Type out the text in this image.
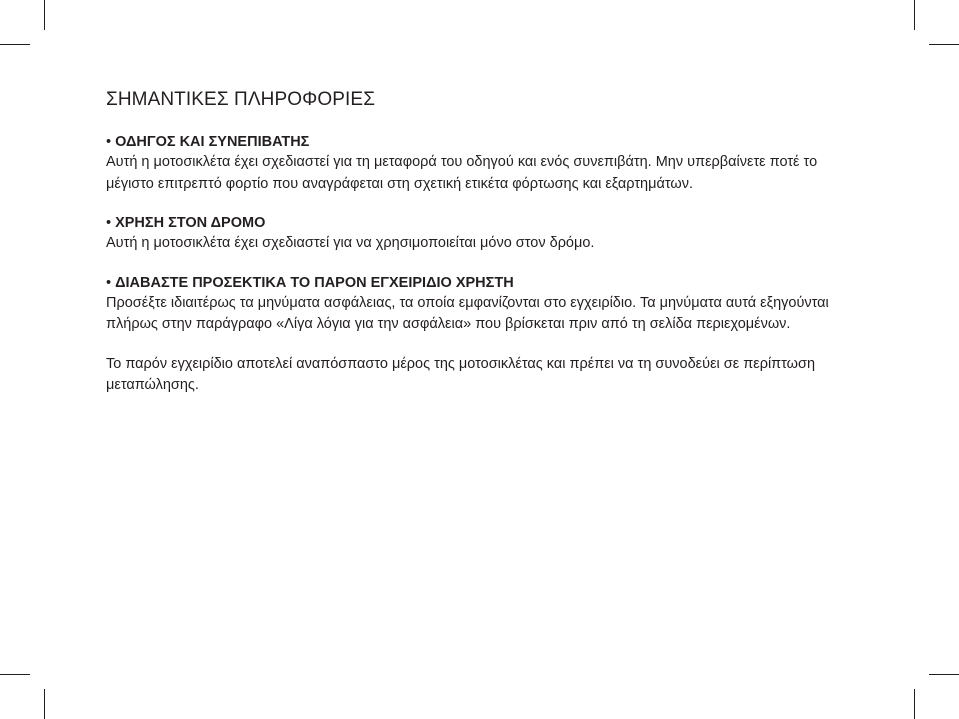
ΣΗΜΑΝΤΙΚΕΣ ΠΛΗΡΟΦΟΡΙΕΣ

• ΟΔΗΓΟΣ ΚΑΙ ΣΥΝΕΠΙΒΑΤΗΣ

Αυτή η μοτοσικλέτα έχει σχεδιαστεί για τη μεταφορά του οδηγού και ενός συνεπιβάτη. Μην υπερβαίνετε ποτέ το μέγιστο επιτρεπτό φορτίο που αναγράφεται στη σχετική ετικέτα φόρτωσης και εξαρτημάτων.

• ΧΡΗΣΗ ΣΤΟΝ ΔΡΟΜΟ

Αυτή η μοτοσικλέτα έχει σχεδιαστεί για να χρησιμοποιείται μόνο στον δρόμο.

• ΔΙΑΒΑΣΤΕ ΠΡΟΣΕΚΤΙΚΑ ΤΟ ΠΑΡΟΝ ΕΓΧΕΙΡΙΔΙΟ ΧΡΗΣΤΗ

Προσέξτε ιδιαιτέρως τα μηνύματα ασφάλειας, τα οποία εμφανίζονται στο εγχειρίδιο. Τα μηνύματα αυτά εξηγούνται πλήρως στην παράγραφο «Λίγα λόγια για την ασφάλεια» που βρίσκεται πριν από τη σελίδα περιεχομένων.

Το παρόν εγχειρίδιο αποτελεί αναπόσπαστο μέρος της μοτοσικλέτας και πρέπει να τη συνοδεύει σε περίπτωση μεταπώλησης.
